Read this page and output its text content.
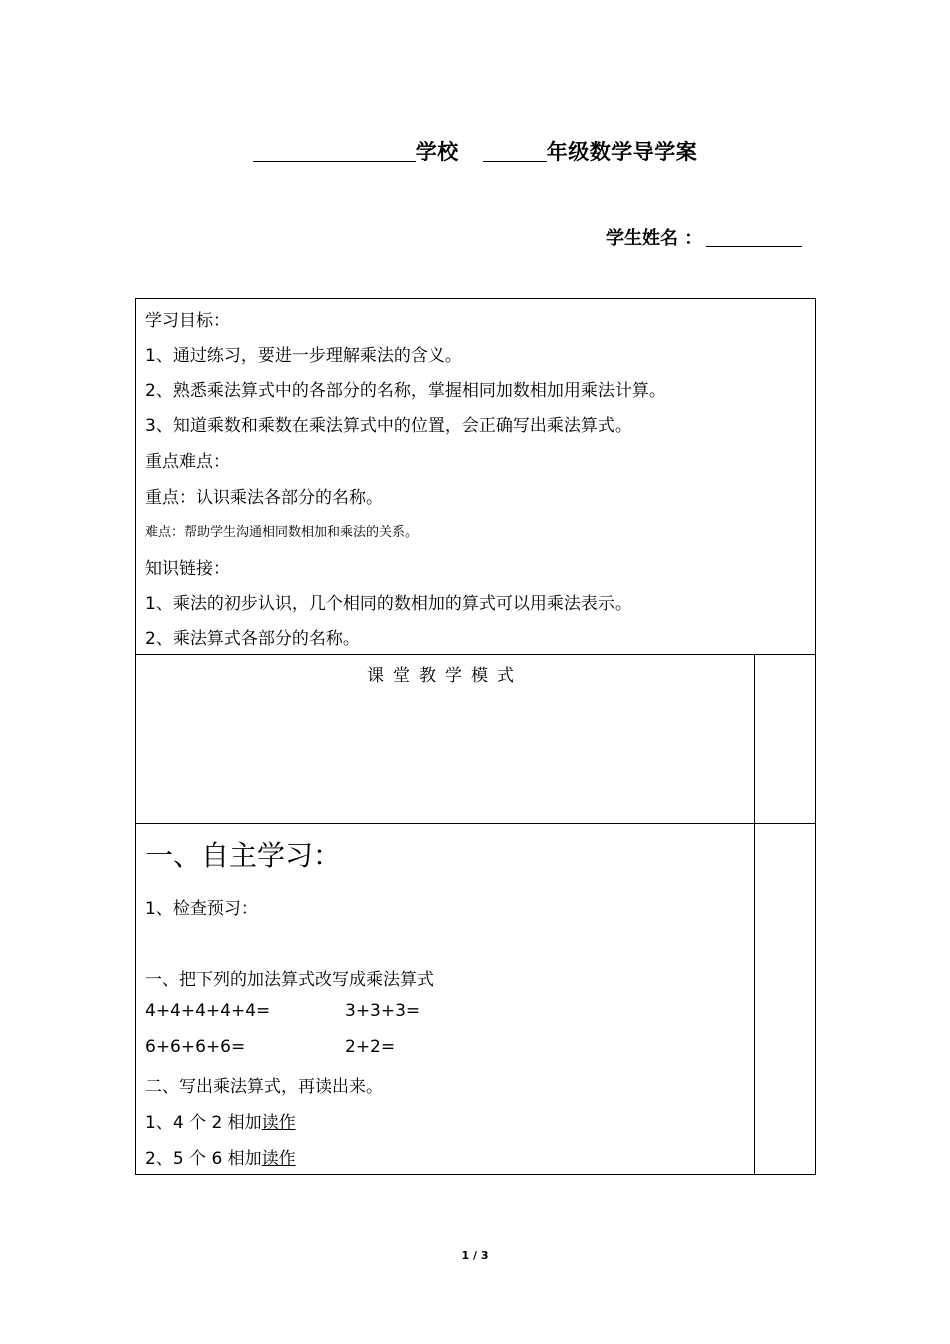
学校	年级数学导学案
学生姓名 ：
学习目标：
1、通过练习，要进一步理解乘法的含义。
2、熟悉乘法算式中的各部分的名称，掌握相同加数相加用乘法计算。
3、知道乘数和乘数在乘法算式中的位置，会正确写出乘法算式。
重点难点：
重点：认识乘法各部分的名称。
难点：帮助学生沟通相同数相加和乘法的关系。
知识链接：
1、乘法的初步认识，几个相同的数相加的算式可以用乘法表示。
2、乘法算式各部分的名称。
课堂教学模式
一、自主学习：
1、检查预习：
一、把下列的加法算式改写成乘法算式
4+4+4+4+4=	3+3+3=
6+6+6+6=	2+2=
二、写出乘法算式，再读出来。
1、4 个 2 相加读作
2、5 个 6 相加读作
1 / 3
